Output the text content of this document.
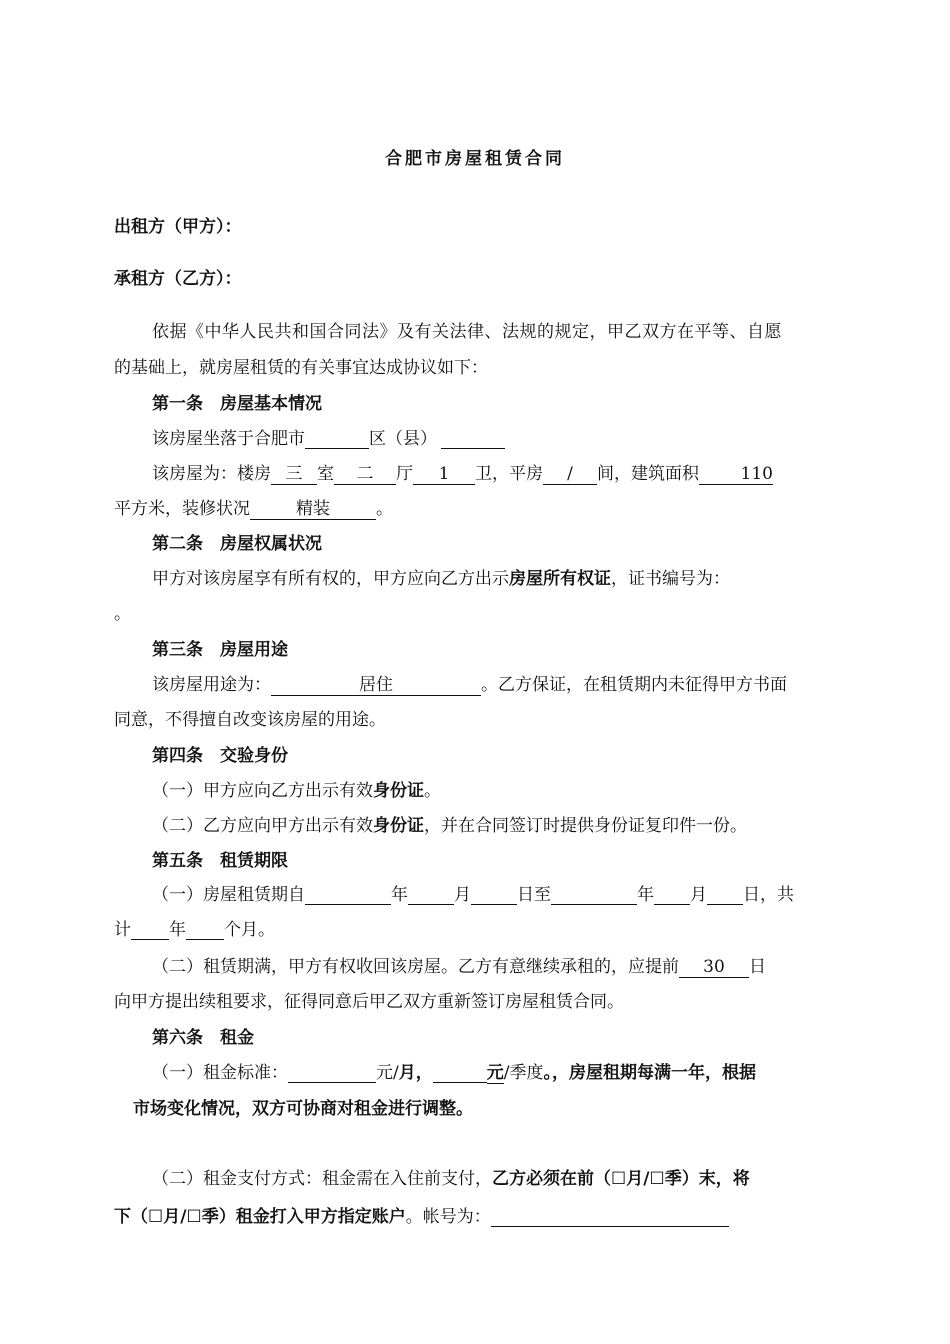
合肥市房屋租赁合同
出租方（甲方）：
承租方（乙方）：
依据《中华人民共和国合同法》及有关法律、法规的规定，甲乙双方在平等、自愿
的基础上，就房屋租赁的有关事宜达成协议如下：
第一条　房屋基本情况
该房屋坐落于合肥市	区（县）
该房屋为：楼房 三 室 二 厅 1 卫，平房 / 间，建筑面积 110
平方米，装修状况	精装	。
第二条　房屋权属状况
甲方对该房屋享有所有权的，甲方应向乙方出示房屋所有权证，证书编号为：
。
第三条　房屋用途
该房屋用途为：	居住	。乙方保证，在租赁期内未征得甲方书面
同意，不得擅自改变该房屋的用途。
第四条　交验身份
（一）甲方应向乙方出示有效身份证。
（二）乙方应向甲方出示有效身份证，并在合同签订时提供身份证复印件一份。
第五条　租赁期限
（一）房屋租赁期自	年	月	日至	年 月 日，共
计 年 个月。
（二）租赁期满，甲方有权收回该房屋。乙方有意继续承租的，应提前 30 日
向甲方提出续租要求，征得同意后甲乙双方重新签订房屋租赁合同。
第六条　租金
（一）租金标准：	元/月，	元/季度。，房屋租期每满一年，根据
市场变化情况，双方可协商对租金进行调整。
（二）租金支付方式：租金需在入住前支付，乙方必须在前（☐月/☐季）末，将
下（☐月/☐季）租金打入甲方指定账户。帐号为：
